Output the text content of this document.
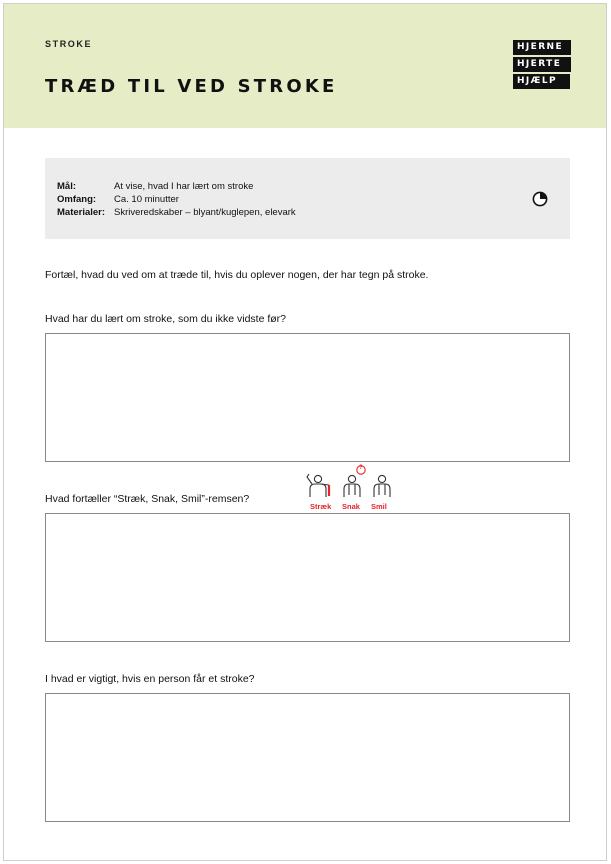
STROKE
TRÆD TIL VED STROKE
HJERNE
HJERTE
HJÆLP
Mål:	At vise, hvad I har lært om stroke
Omfang: Ca. 10 minutter
Materialer: Skriveredskaber – blyant/kuglepen, elevark
Fortæl, hvad du ved om at træde til, hvis du oplever nogen, der har tegn på stroke.
Hvad har du lært om stroke, som du ikke vidste før?
Hvad fortæller “Stræk, Snak, Smil”-remsen?
?
Stræk Snak Smil
I hvad er vigtigt, hvis en person får et stroke?
